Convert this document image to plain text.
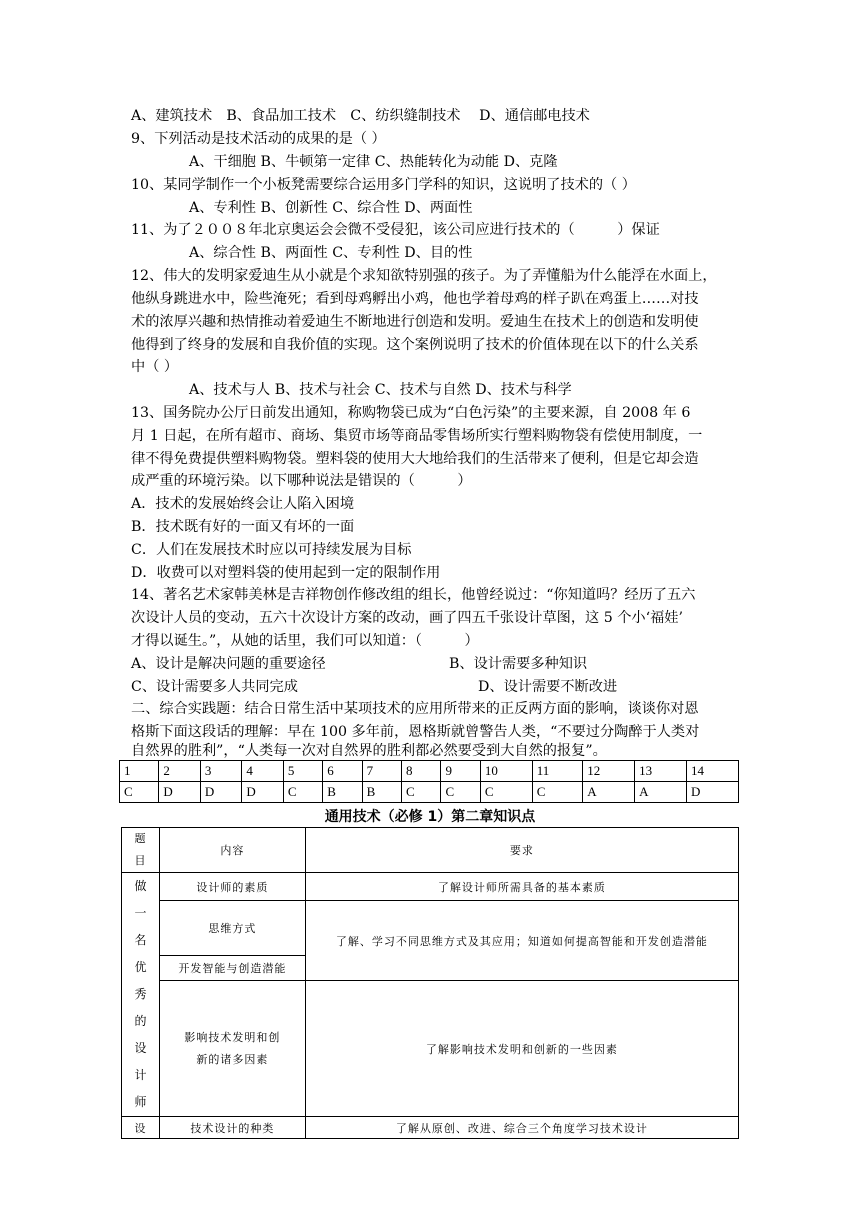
A、建筑技术　B、食品加工技术　C、纺织缝制技术　 D、通信邮电技术
9、下列活动是技术活动的成果的是（ ）
A、干细胞 B、牛顿第一定律 C、热能转化为动能 D、克隆
10、某同学制作一个小板凳需要综合运用多门学科的知识，这说明了技术的（ ）
A、专利性 B、创新性 C、综合性 D、两面性
11、为了２００８年北京奥运会会微不受侵犯，该公司应进行技术的（　　　）保证
A、综合性 B、两面性 C、专利性 D、目的性
12、伟大的发明家爱迪生从小就是个求知欲特别强的孩子。为了弄懂船为什么能浮在水面上，
他纵身跳进水中，险些淹死；看到母鸡孵出小鸡，他也学着母鸡的样子趴在鸡蛋上……对技
术的浓厚兴趣和热情推动着爱迪生不断地进行创造和发明。爱迪生在技术上的创造和发明使
他得到了终身的发展和自我价值的实现。这个案例说明了技术的价值体现在以下的什么关系
中（ ）
A、技术与人 B、技术与社会 C、技术与自然 D、技术与科学
13、国务院办公厅日前发出通知，称购物袋已成为“白色污染”的主要来源，自 2008 年 6
月 1 日起，在所有超市、商场、集贸市场等商品零售场所实行塑料购物袋有偿使用制度，一
律不得免费提供塑料购物袋。塑料袋的使用大大地给我们的生活带来了便利，但是它却会造
成严重的环境污染。以下哪种说法是错误的（　　　）
A．技术的发展始终会让人陷入困境
B．技术既有好的一面又有坏的一面
C．人们在发展技术时应以可持续发展为目标
D．收费可以对塑料袋的使用起到一定的限制作用
14、著名艺术家韩美林是吉祥物创作修改组的组长，他曾经说过：“你知道吗？经历了五六
次设计人员的变动，五六十次设计方案的改动，画了四五千张设计草图，这 5 个小‘福娃’
才得以诞生。”，从她的话里，我们可以知道：（　　　）
A、设计是解决问题的重要途径	B、设计需要多种知识
C、设计需要多人共同完成	D、设计需要不断改进
二、综合实践题：结合日常生活中某项技术的应用所带来的正反两方面的影响，谈谈你对恩
格斯下面这段话的理解：早在 100 多年前，恩格斯就曾警告人类，“不要过分陶醉于人类对
自然界的胜利”，“人类每一次对自然界的胜利都必然要受到大自然的报复”。
1	2	3	4	5	6	7	8	9	10	11	12	13	14
C	D	D	D	C	B	B	C	C	C	C	A	A	D
通用技术（必修 1）第二章知识点
题目	内容	要求
做一名优秀的设计师	设计师的素质	了解设计师所需具备的基本素质
	思维方式	了解、学习不同思维方式及其应用；知道如何提高智能和开发创造潜能
	开发智能与创造潜能	
	影响技术发明和创新的诸多因素	了解影响技术发明和创新的一些因素
设	技术设计的种类	了解从原创、改进、综合三个角度学习技术设计
